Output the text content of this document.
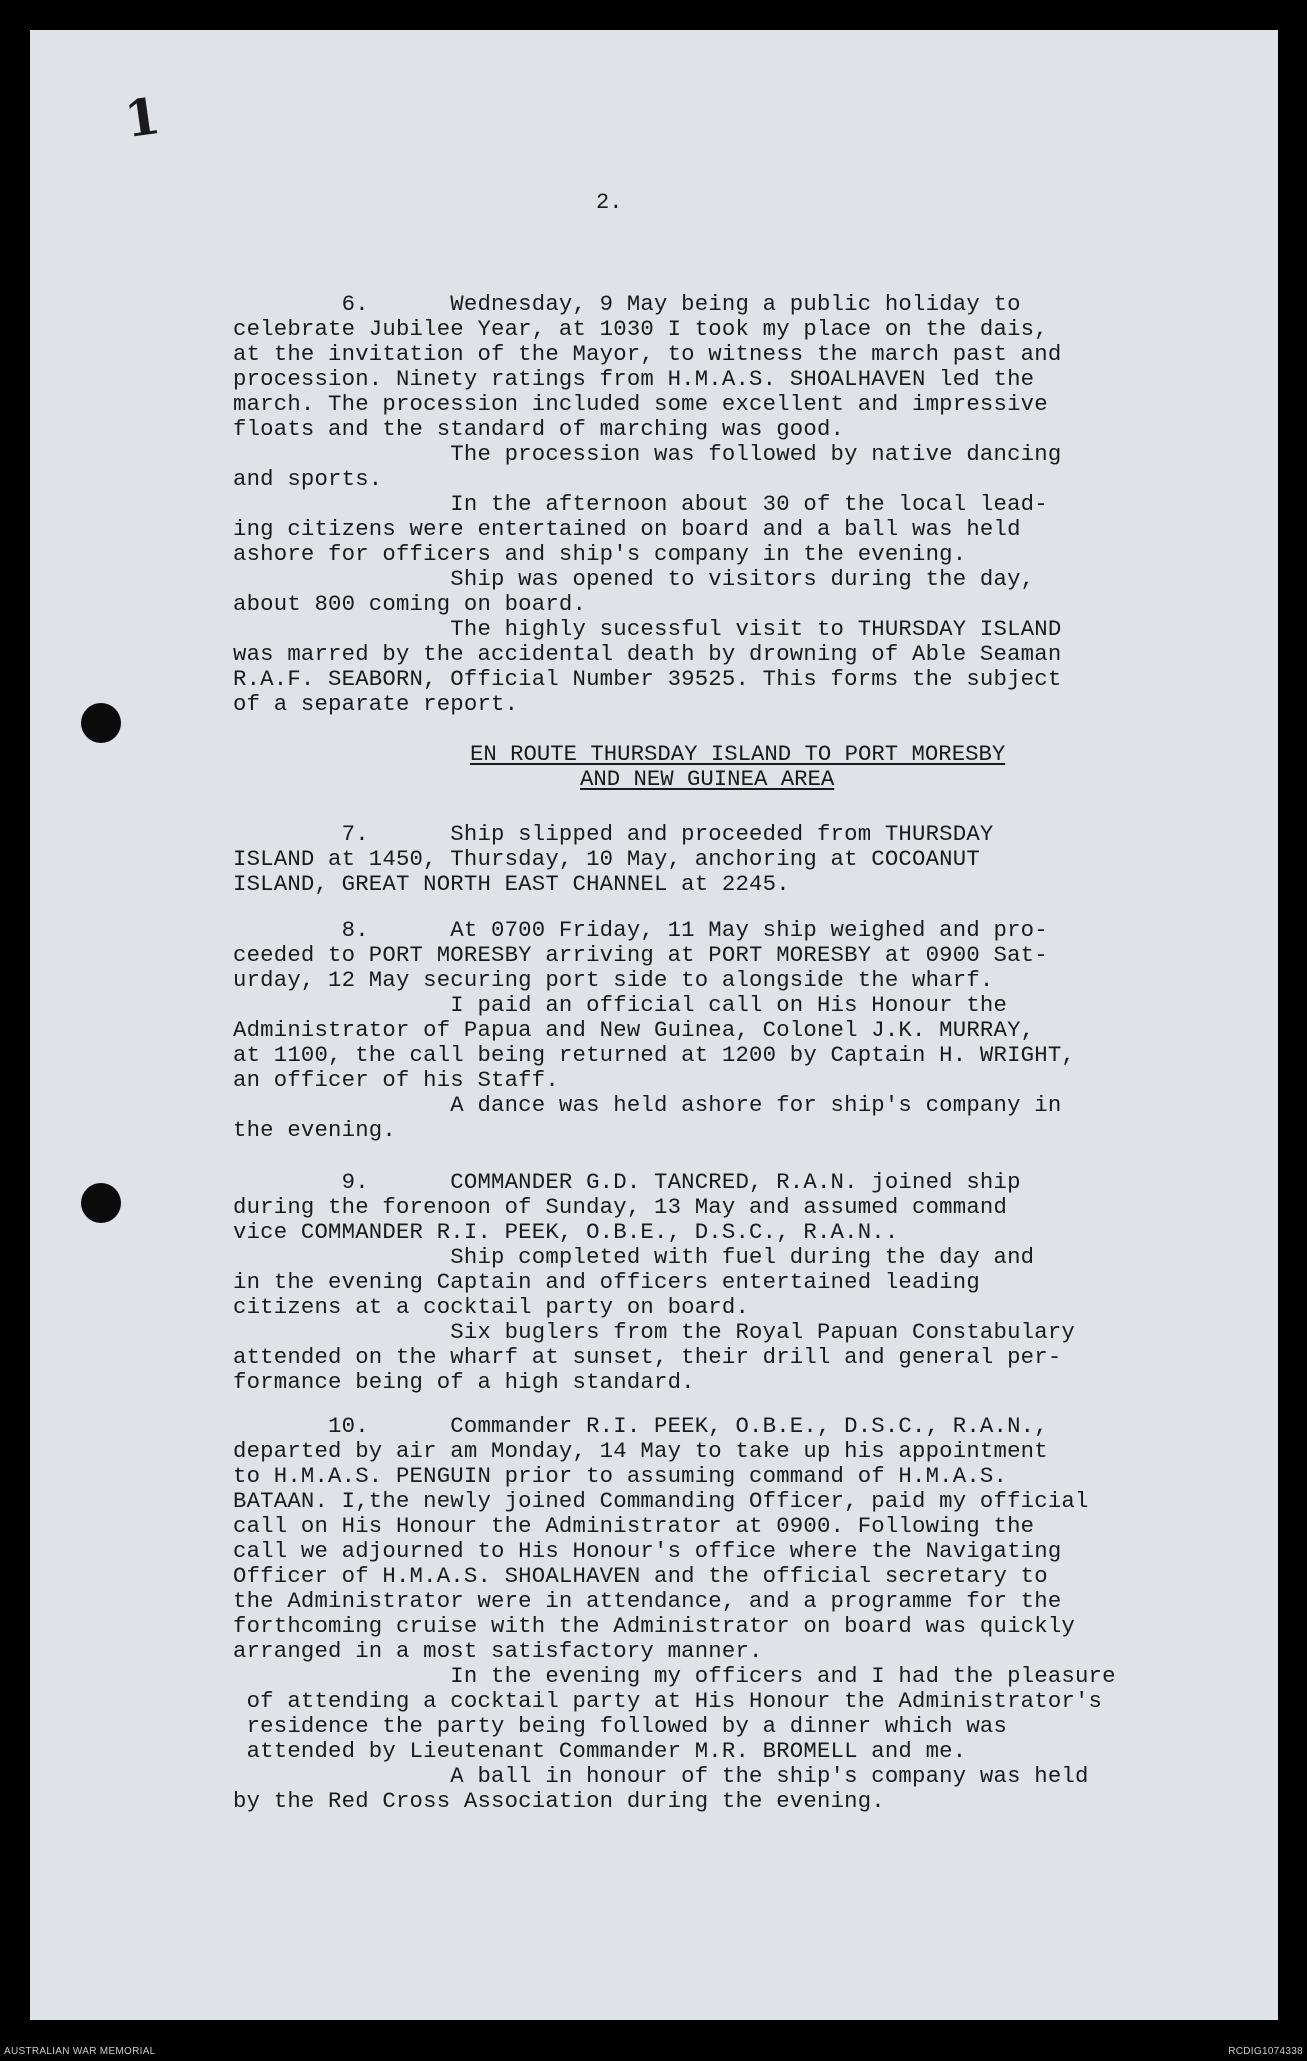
1
2.
6.      Wednesday, 9 May being a public holiday to
celebrate Jubilee Year, at 1030 I took my place on the dais,
at the invitation of the Mayor, to witness the march past and
procession. Ninety ratings from H.M.A.S. SHOALHAVEN led the
march. The procession included some excellent and impressive
floats and the standard of marching was good.
The procession was followed by native dancing
and sports.
In the afternoon about 30 of the local lead-
ing citizens were entertained on board and a ball was held
ashore for officers and ship's company in the evening.
Ship was opened to visitors during the day,
about 800 coming on board.
The highly sucessful visit to THURSDAY ISLAND
was marred by the accidental death by drowning of Able Seaman
R.A.F. SEABORN, Official Number 39525. This forms the subject
of a separate report.
EN ROUTE THURSDAY ISLAND TO PORT MORESBY
AND NEW GUINEA AREA
7.      Ship slipped and proceeded from THURSDAY
ISLAND at 1450, Thursday, 10 May, anchoring at COCOANUT
ISLAND, GREAT NORTH EAST CHANNEL at 2245.
8.      At 0700 Friday, 11 May ship weighed and pro-
ceeded to PORT MORESBY arriving at PORT MORESBY at 0900 Sat-
urday, 12 May securing port side to alongside the wharf.
I paid an official call on His Honour the
Administrator of Papua and New Guinea, Colonel J.K. MURRAY,
at 1100, the call being returned at 1200 by Captain H. WRIGHT,
an officer of his Staff.
A dance was held ashore for ship's company in
the evening.
9.      COMMANDER G.D. TANCRED, R.A.N. joined ship
during the forenoon of Sunday, 13 May and assumed command
vice COMMANDER R.I. PEEK, O.B.E., D.S.C., R.A.N..
Ship completed with fuel during the day and
in the evening Captain and officers entertained leading
citizens at a cocktail party on board.
Six buglers from the Royal Papuan Constabulary
attended on the wharf at sunset, their drill and general per-
formance being of a high standard.
10.      Commander R.I. PEEK, O.B.E., D.S.C., R.A.N.,
departed by air am Monday, 14 May to take up his appointment
to H.M.A.S. PENGUIN prior to assuming command of H.M.A.S.
BATAAN. I,the newly joined Commanding Officer, paid my official
call on His Honour the Administrator at 0900. Following the
call we adjourned to His Honour's office where the Navigating
Officer of H.M.A.S. SHOALHAVEN and the official secretary to
the Administrator were in attendance, and a programme for the
forthcoming cruise with the Administrator on board was quickly
arranged in a most satisfactory manner.
In the evening my officers and I had the pleasure
of attending a cocktail party at His Honour the Administrator's
residence the party being followed by a dinner which was
attended by Lieutenant Commander M.R. BROMELL and me.
A ball in honour of the ship's company was held
by the Red Cross Association during the evening.
AUSTRALIAN WAR MEMORIAL	RCDIG1074338
